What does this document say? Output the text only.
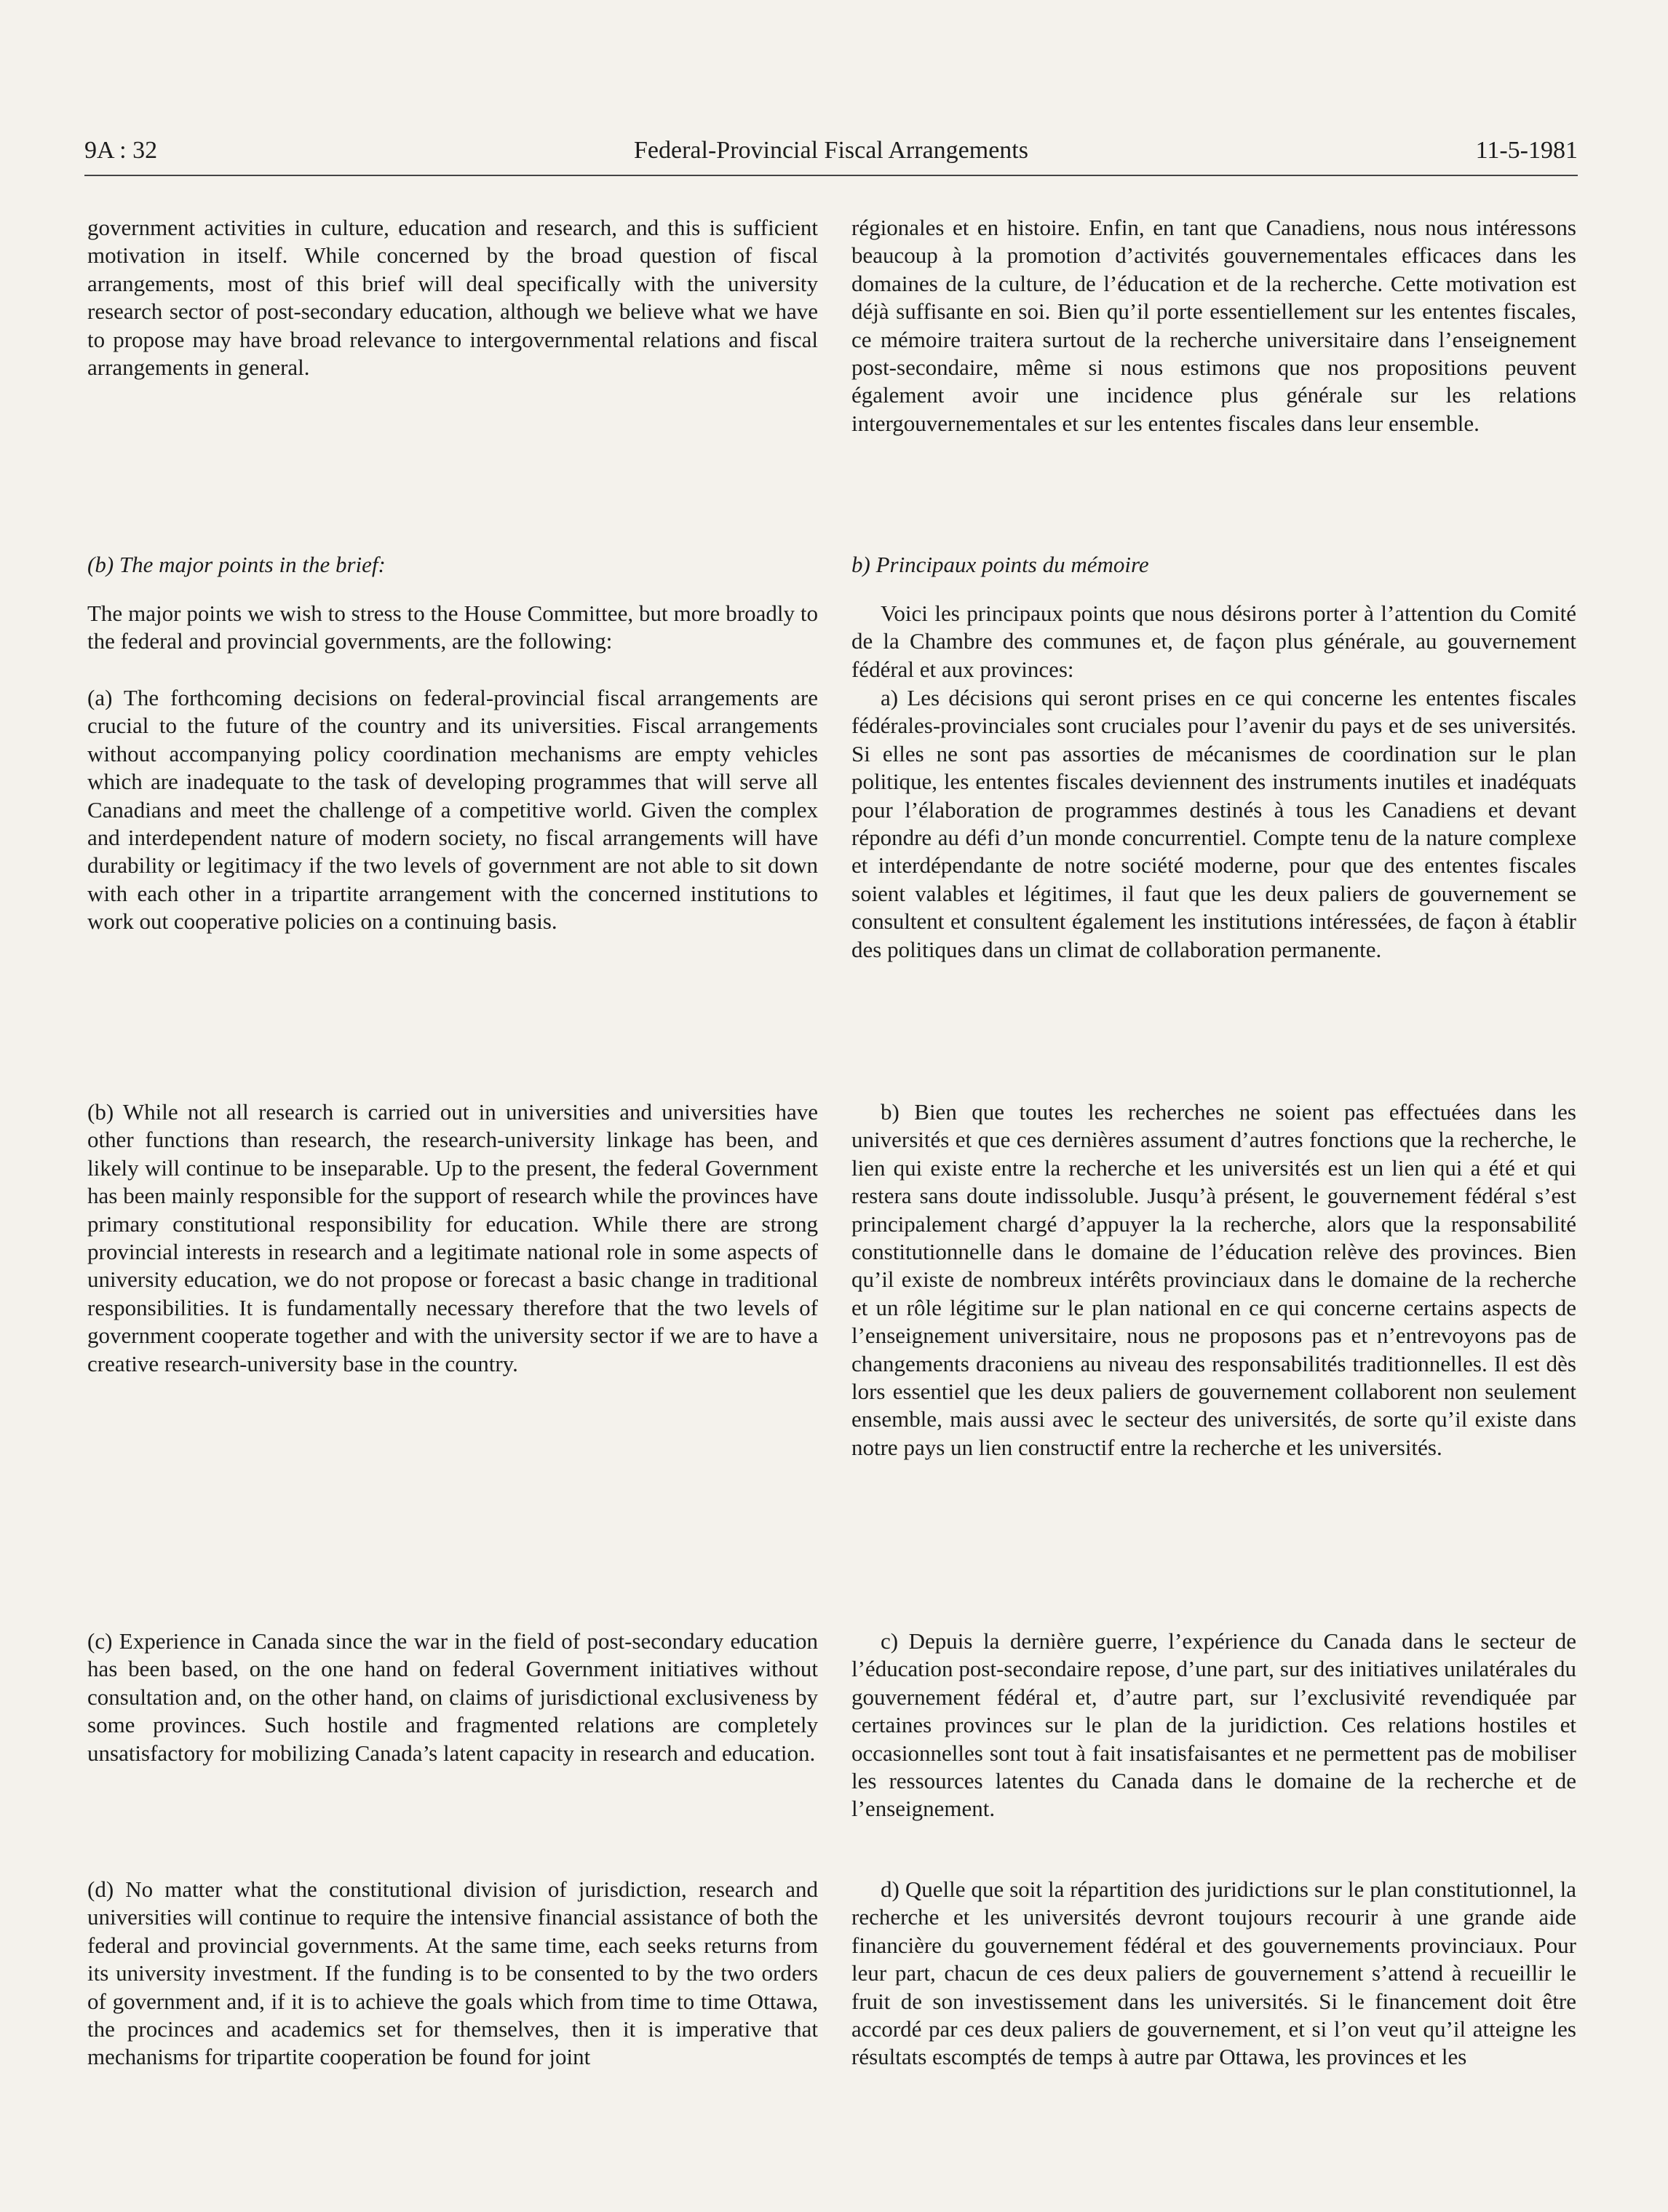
9A : 32	Federal-Provincial Fiscal Arrangements	11-5-1981

government activities in culture, education and research, and this is sufficient motivation in itself. While concerned by the broad question of fiscal arrangements, most of this brief will deal specifically with the university research sector of post-secondary education, although we believe what we have to propose may have broad relevance to intergovernmental relations and fiscal arrangements in general.

(b) The major points in the brief:

The major points we wish to stress to the House Committee, but more broadly to the federal and provincial governments, are the following:

(a) The forthcoming decisions on federal-provincial fiscal arrangements are crucial to the future of the country and its universities. Fiscal arrangements without accompanying policy coordination mechanisms are empty vehicles which are inadequate to the task of developing programmes that will serve all Canadians and meet the challenge of a competitive world. Given the complex and interdependent nature of modern society, no fiscal arrangements will have durability or legitimacy if the two levels of government are not able to sit down with each other in a tripartite arrangement with the concerned institutions to work out cooperative policies on a continuing basis.

(b) While not all research is carried out in universities and universities have other functions than research, the research-university linkage has been, and likely will continue to be inseparable. Up to the present, the federal Government has been mainly responsible for the support of research while the provinces have primary constitutional responsibility for education. While there are strong provincial interests in research and a legitimate national role in some aspects of university education, we do not propose or forecast a basic change in traditional responsibilities. It is fundamentally necessary therefore that the two levels of government cooperate together and with the university sector if we are to have a creative research-university base in the country.

(c) Experience in Canada since the war in the field of post-secondary education has been based, on the one hand on federal Government initiatives without consultation and, on the other hand, on claims of jurisdictional exclusiveness by some provinces. Such hostile and fragmented relations are completely unsatisfactory for mobilizing Canada’s latent capacity in research and education.

(d) No matter what the constitutional division of jurisdiction, research and universities will continue to require the intensive financial assistance of both the federal and provincial governments. At the same time, each seeks returns from its university investment. If the funding is to be consented to by the two orders of government and, if it is to achieve the goals which from time to time Ottawa, the procinces and academics set for themselves, then it is imperative that mechanisms for tripartite cooperation be found for joint

régionales et en histoire. Enfin, en tant que Canadiens, nous nous intéressons beaucoup à la promotion d’activités gouvernementales efficaces dans les domaines de la culture, de l’éducation et de la recherche. Cette motivation est déjà suffisante en soi. Bien qu’il porte essentiellement sur les ententes fiscales, ce mémoire traitera surtout de la recherche universitaire dans l’enseignement post-secondaire, même si nous estimons que nos propositions peuvent également avoir une incidence plus générale sur les relations intergouvernementales et sur les ententes fiscales dans leur ensemble.

b) Principaux points du mémoire

Voici les principaux points que nous désirons porter à l’attention du Comité de la Chambre des communes et, de façon plus générale, au gouvernement fédéral et aux provinces:

a) Les décisions qui seront prises en ce qui concerne les ententes fiscales fédérales-provinciales sont cruciales pour l’avenir du pays et de ses universités. Si elles ne sont pas assorties de mécanismes de coordination sur le plan politique, les ententes fiscales deviennent des instruments inutiles et inadéquats pour l’élaboration de programmes destinés à tous les Canadiens et devant répondre au défi d’un monde concurrentiel. Compte tenu de la nature complexe et interdépendante de notre société moderne, pour que des ententes fiscales soient valables et légitimes, il faut que les deux paliers de gouvernement se consultent et consultent également les institutions intéressées, de façon à établir des politiques dans un climat de collaboration permanente.

b) Bien que toutes les recherches ne soient pas effectuées dans les universités et que ces dernières assument d’autres fonctions que la recherche, le lien qui existe entre la recherche et les universités est un lien qui a été et qui restera sans doute indissoluble. Jusqu’à présent, le gouvernement fédéral s’est principalement chargé d’appuyer la la recherche, alors que la responsabilité constitutionnelle dans le domaine de l’éducation relève des provinces. Bien qu’il existe de nombreux intérêts provinciaux dans le domaine de la recherche et un rôle légitime sur le plan national en ce qui concerne certains aspects de l’enseignement universitaire, nous ne proposons pas et n’entrevoyons pas de changements draconiens au niveau des responsabilités traditionnelles. Il est dès lors essentiel que les deux paliers de gouvernement collaborent non seulement ensemble, mais aussi avec le secteur des universités, de sorte qu’il existe dans notre pays un lien constructif entre la recherche et les universités.

c) Depuis la dernière guerre, l’expérience du Canada dans le secteur de l’éducation post-secondaire repose, d’une part, sur des initiatives unilatérales du gouvernement fédéral et, d’autre part, sur l’exclusivité revendiquée par certaines provinces sur le plan de la juridiction. Ces relations hostiles et occasionnelles sont tout à fait insatisfaisantes et ne permettent pas de mobiliser les ressources latentes du Canada dans le domaine de la recherche et de l’enseignement.

d) Quelle que soit la répartition des juridictions sur le plan constitutionnel, la recherche et les universités devront toujours recourir à une grande aide financière du gouvernement fédéral et des gouvernements provinciaux. Pour leur part, chacun de ces deux paliers de gouvernement s’attend à recueillir le fruit de son investissement dans les universités. Si le financement doit être accordé par ces deux paliers de gouvernement, et si l’on veut qu’il atteigne les résultats escomptés de temps à autre par Ottawa, les provinces et les
